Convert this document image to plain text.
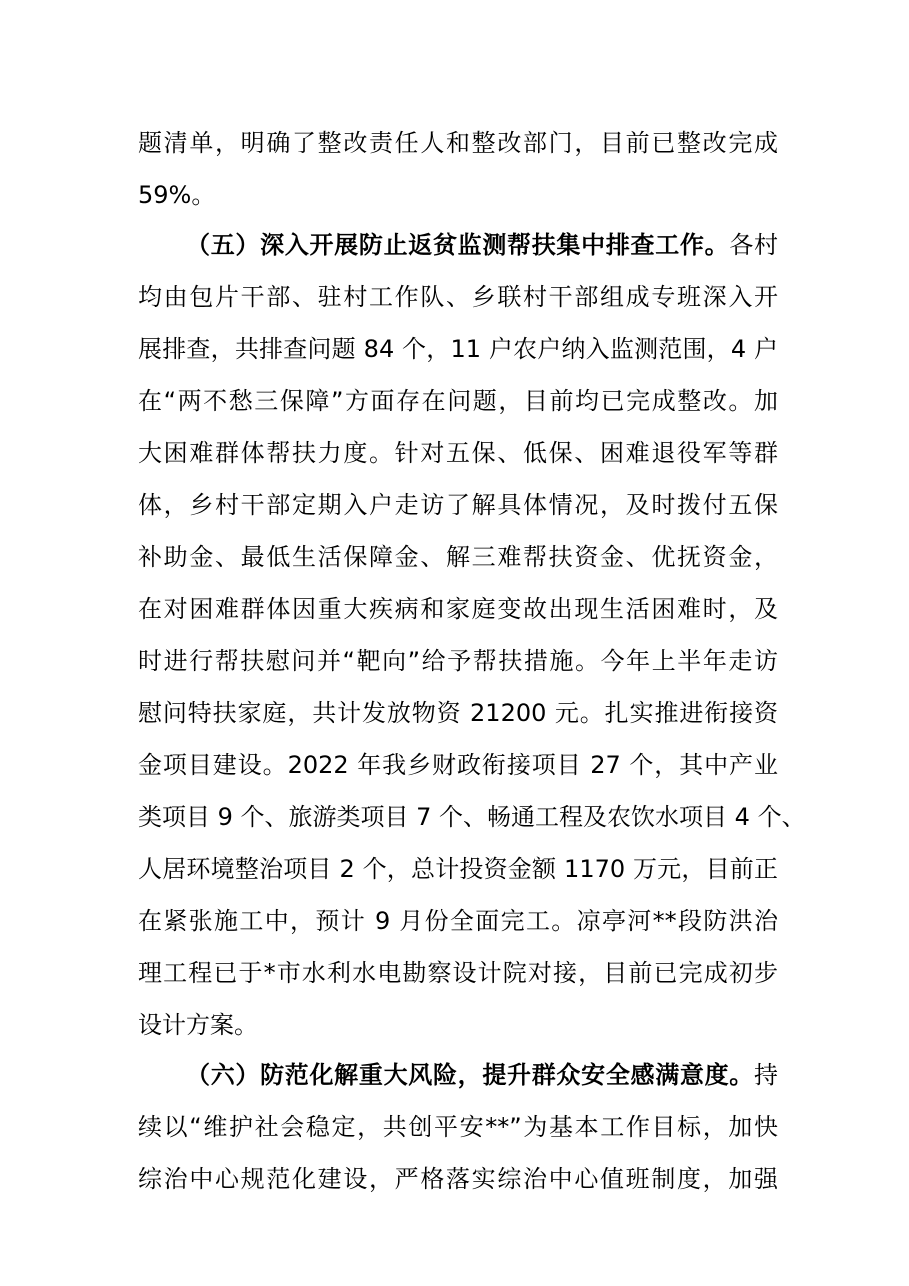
题清单，明确了整改责任人和整改部门，目前已整改完成
59%。
（五）深入开展防止返贫监测帮扶集中排查工作。各村
均由包片干部、驻村工作队、乡联村干部组成专班深入开
展排查，共排查问题 84 个，11 户农户纳入监测范围，4 户
在“两不愁三保障”方面存在问题，目前均已完成整改。加
大困难群体帮扶力度。针对五保、低保、困难退役军等群
体，乡村干部定期入户走访了解具体情况，及时拨付五保
补助金、最低生活保障金、解三难帮扶资金、优抚资金，
在对困难群体因重大疾病和家庭变故出现生活困难时，及
时进行帮扶慰问并“靶向”给予帮扶措施。今年上半年走访
慰问特扶家庭，共计发放物资 21200 元。扎实推进衔接资
金项目建设。2022 年我乡财政衔接项目 27 个，其中产业
类项目 9 个、旅游类项目 7 个、畅通工程及农饮水项目 4 个、
人居环境整治项目 2 个，总计投资金额 1170 万元，目前正
在紧张施工中，预计 9 月份全面完工。凉亭河**段防洪治
理工程已于*市水利水电勘察设计院对接，目前已完成初步
设计方案。
（六）防范化解重大风险，提升群众安全感满意度。持
续以“维护社会稳定，共创平安**”为基本工作目标，加快
综治中心规范化建设，严格落实综治中心值班制度，加强
